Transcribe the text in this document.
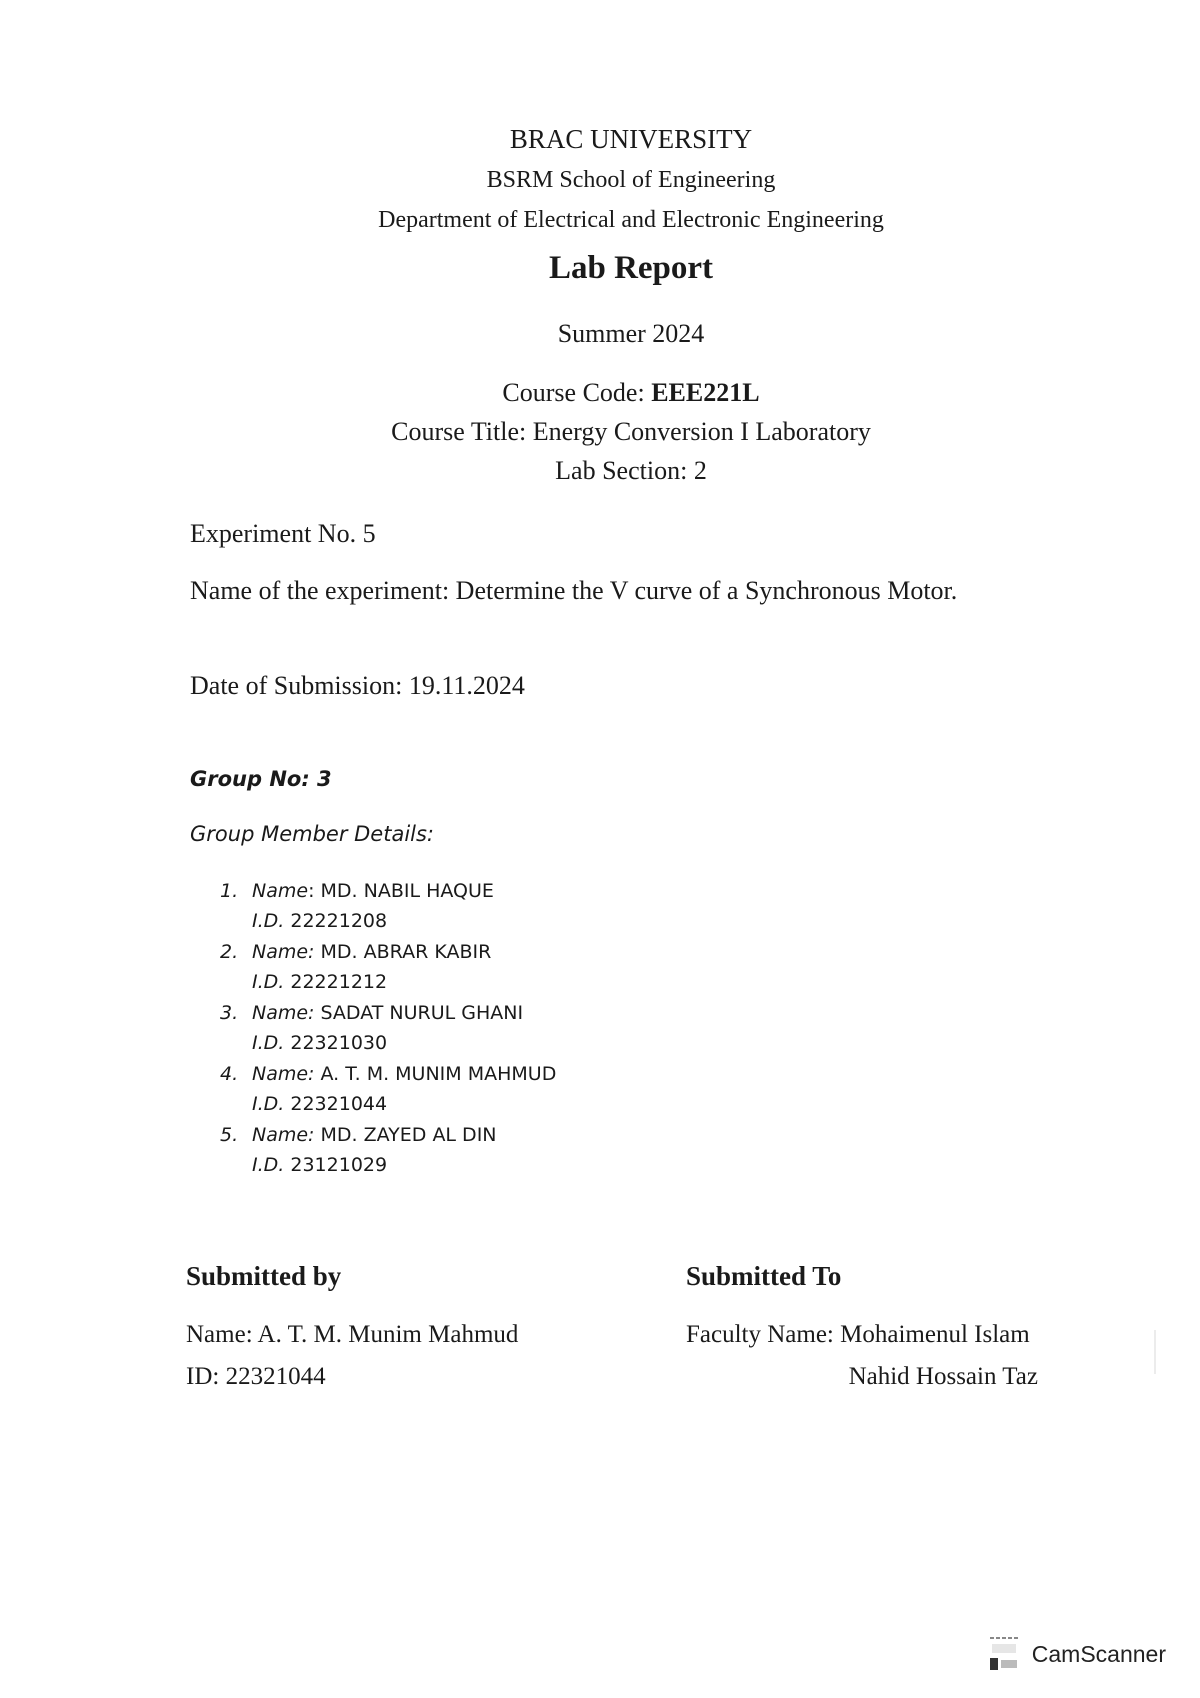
BRAC UNIVERSITY
BSRM School of Engineering
Department of Electrical and Electronic Engineering
Lab Report
Summer 2024
Course Code: EEE221L
Course Title: Energy Conversion I Laboratory
Lab Section: 2
Experiment No. 5
Name of the experiment: Determine the V curve of a Synchronous Motor.
Date of Submission: 19.11.2024
Group No: 3
Group Member Details:
1. Name: MD. NABIL HAQUE
I.D. 22221208
2. Name: MD. ABRAR KABIR
I.D. 22221212
3. Name: SADAT NURUL GHANI
I.D. 22321030
4. Name: A. T. M. MUNIM MAHMUD
I.D. 22321044
5. Name: MD. ZAYED AL DIN
I.D. 23121029
Submitted by
Name: A. T. M. Munim Mahmud
ID: 22321044
Submitted To
Faculty Name: Mohaimenul Islam
Nahid Hossain Taz
CamScanner
